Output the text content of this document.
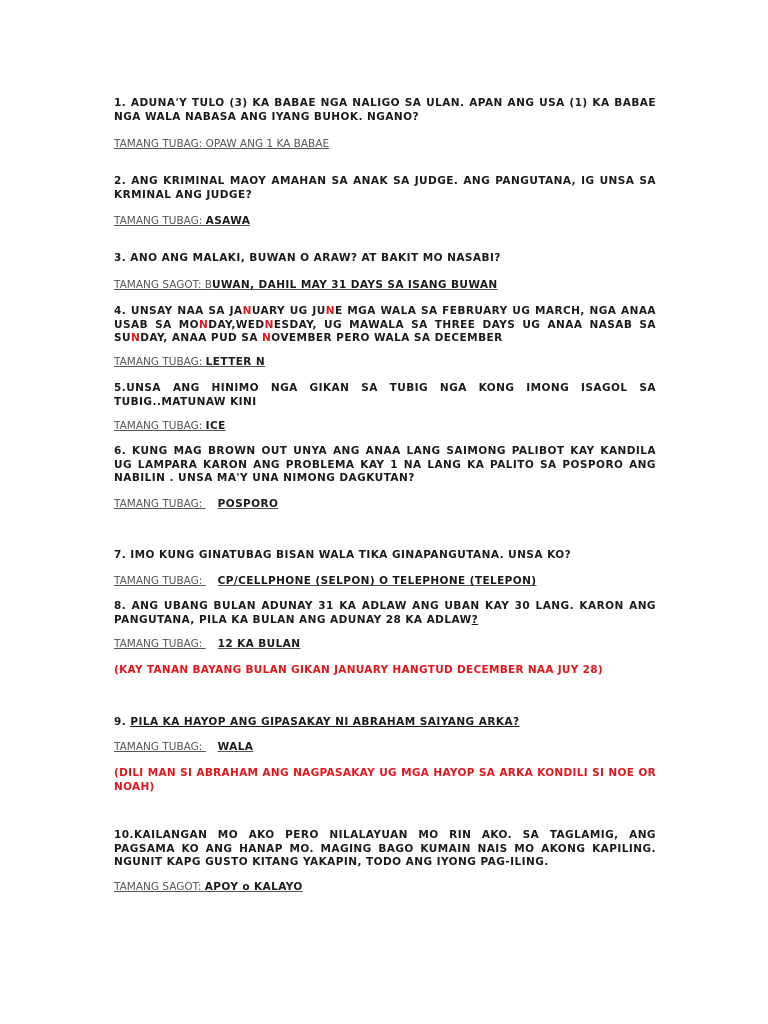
1. ADUNA'Y TULO (3) KA BABAE NGA NALIGO SA ULAN. APAN ANG USA (1) KA BABAE NGA WALA NABASA ANG IYANG BUHOK. NGANO?

TAMANG TUBAG: OPAW ANG 1 KA BABAE

2. ANG KRIMINAL MAOY AMAHAN SA ANAK SA JUDGE. ANG PANGUTANA, IG UNSA SA KRMINAL ANG JUDGE?

TAMANG TUBAG: ASAWA

3. ANO ANG MALAKI, BUWAN O ARAW? AT BAKIT MO NASABI?

TAMANG SAGOT: BUWAN, DAHIL MAY 31 DAYS SA ISANG BUWAN

4. UNSAY NAA SA JANUARY UG JUNE MGA WALA SA FEBRUARY UG MARCH, NGA ANAA USAB SA MONDAY,WEDNESDAY, UG MAWALA SA THREE DAYS UG ANAA NASAB SA SUNDAY, ANAA PUD SA NOVEMBER PERO WALA SA DECEMBER

TAMANG TUBAG: LETTER N

5.UNSA ANG HINIMO NGA GIKAN SA TUBIG NGA KONG IMONG ISAGOL SA TUBIG..MATUNAW KINI

TAMANG TUBAG: ICE

6. KUNG MAG BROWN OUT UNYA ANG ANAA LANG SAIMONG PALIBOT KAY KANDILA UG LAMPARA KARON ANG PROBLEMA KAY 1 NA LANG KA PALITO SA POSPORO ANG NABILIN . UNSA MA'Y UNA NIMONG DAGKUTAN?

TAMANG TUBAG: POSPORO

7. IMO KUNG GINATUBAG BISAN WALA TIKA GINAPANGUTANA. UNSA KO?

TAMANG TUBAG: CP/CELLPHONE (SELPON) O TELEPHONE (TELEPON)

8. ANG UBANG BULAN ADUNAY 31 KA ADLAW ANG UBAN KAY 30 LANG. KARON ANG PANGUTANA, PILA KA BULAN ANG ADUNAY 28 KA ADLAW?

TAMANG TUBAG: 12 KA BULAN

(KAY TANAN BAYANG BULAN GIKAN JANUARY HANGTUD DECEMBER NAA JUY 28)

9. PILA KA HAYOP ANG GIPASAKAY NI ABRAHAM SAIYANG ARKA?

TAMANG TUBAG: WALA

(DILI MAN SI ABRAHAM ANG NAGPASAKAY UG MGA HAYOP SA ARKA KONDILI SI NOE OR NOAH)

10.KAILANGAN MO AKO PERO NILALAYUAN MO RIN AKO. SA TAGLAMIG, ANG PAGSAMA KO ANG HANAP MO. MAGING BAGO KUMAIN NAIS MO AKONG KAPILING. NGUNIT KAPG GUSTO KITANG YAKAPIN, TODO ANG IYONG PAG-ILING.

TAMANG SAGOT: APOY o KALAYO
